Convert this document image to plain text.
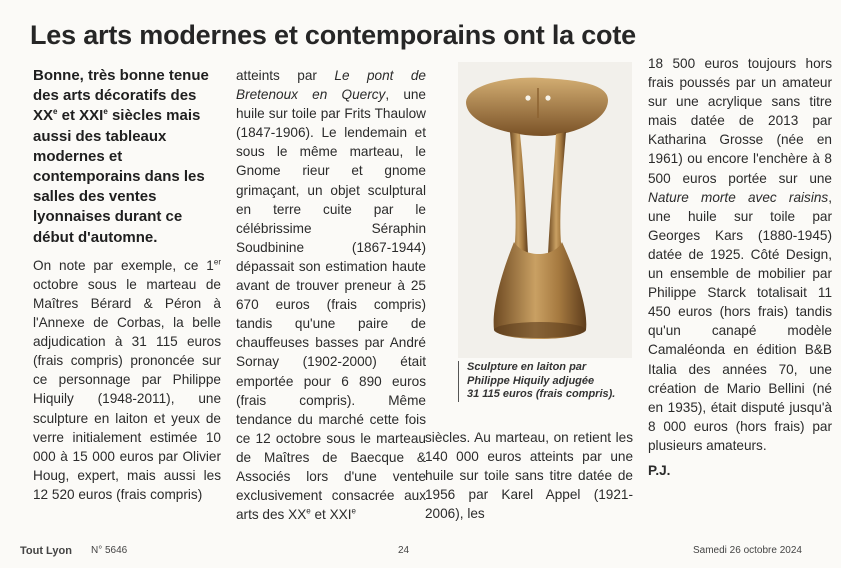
Les arts modernes et contemporains ont la cote

Bonne, très bonne tenue des arts décoratifs des XXe et XXIe siècles mais aussi des tableaux modernes et contemporains dans les salles des ventes lyonnaises durant ce début d'automne.

On note par exemple, ce 1er octobre sous le marteau de Maîtres Bérard & Péron à l'Annexe de Corbas, la belle adjudication à 31 115 euros (frais compris) prononcée sur ce personnage par Philippe Hiquily (1948-2011), une sculpture en laiton et yeux de verre initialement estimée 10 000 à 15 000 euros par Olivier Houg, expert, mais aussi les 12 520 euros (frais compris)

atteints par Le pont de Bretenoux en Quercy, une huile sur toile par Frits Thaulow (1847-1906). Le lendemain et sous le même marteau, le Gnome rieur et gnome grimaçant, un objet sculptural en terre cuite par le célébrissime Séraphin Soudbinine (1867-1944) dépassait son estimation haute avant de trouver preneur à 25 670 euros (frais compris) tandis qu'une paire de chauffeuses basses par André Sornay (1902-2000) était emportée pour 6 890 euros (frais compris). Même tendance du marché cette fois ce 12 octobre sous le marteau de Maîtres de Baecque & Associés lors d'une vente exclusivement consacrée aux arts des XXe et XXIe

Sculpture en laiton par
Philippe Hiquily adjugée
31 115 euros (frais compris).

siècles. Au marteau, on retient les 140 000 euros atteints par une huile sur toile sans titre datée de 1956 par Karel Appel (1921-2006), les

18 500 euros toujours hors frais poussés par un amateur sur une acrylique sans titre mais datée de 2013 par Katharina Grosse (née en 1961) ou encore l'enchère à 8 500 euros portée sur une Nature morte avec raisins, une huile sur toile par Georges Kars (1880-1945) datée de 1925. Côté Design, un ensemble de mobilier par Philippe Starck totalisait 11 450 euros (hors frais) tandis qu'un canapé modèle Camaléonda en édition B&B Italia des années 70, une création de Mario Bellini (né en 1935), était disputé jusqu'à 8 000 euros (hors frais) par plusieurs amateurs.

P.J.

Tout Lyon N° 5646	24	Samedi 26 octobre 2024
